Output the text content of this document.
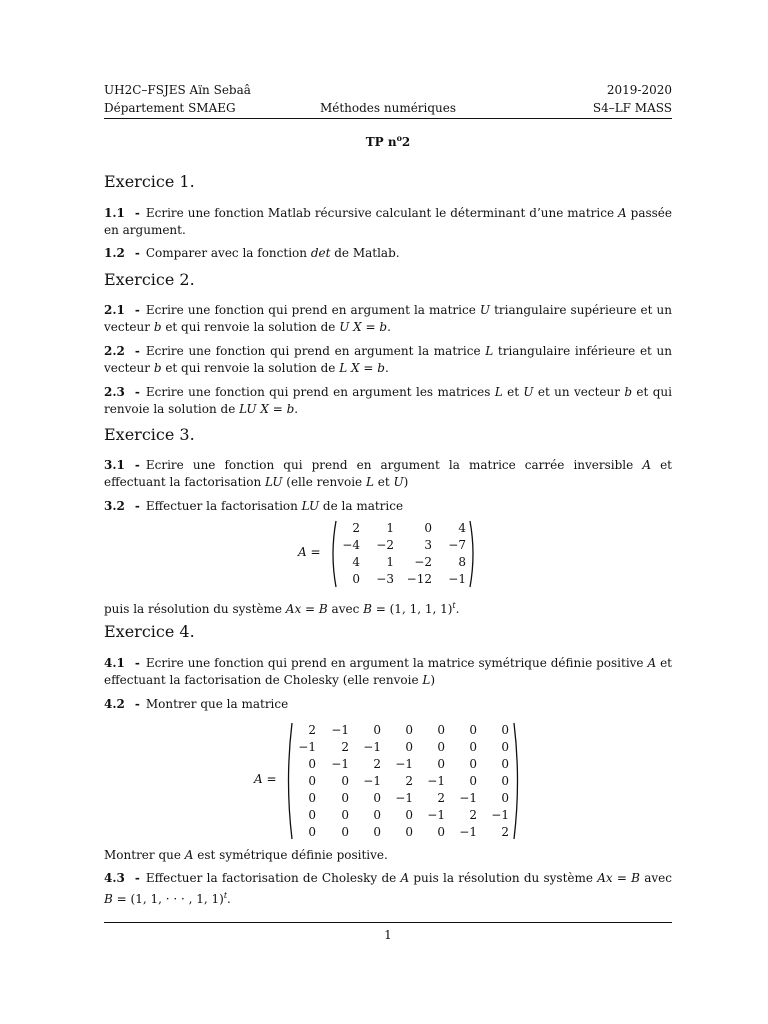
UH2C–FSJES Aïn Sebaâ	2019-2020
Département SMAEG	Méthodes numériques	S4–LF MASS
TP $n^o2$
Exercice 1.
1.1 - Ecrire une fonction Matlab récursive calculant le déterminant d’une matrice A passée en argument.
1.2 - Comparer avec la fonction det de Matlab.
Exercice 2.
2.1 - Ecrire une fonction qui prend en argument la matrice U triangulaire supérieure et un vecteur b et qui renvoie la solution de U X = b.
2.2 - Ecrire une fonction qui prend en argument la matrice L triangulaire inférieure et un vecteur b et qui renvoie la solution de L X = b.
2.3 - Ecrire une fonction qui prend en argument les matrices L et U et un vecteur b et qui renvoie la solution de LU X = b.
Exercice 3.
3.1 - Ecrire une fonction qui prend en argument la matrice carrée inversible A et effectuant la factorisation LU (elle renvoie L et U)
3.2 - Effectuer la factorisation LU de la matrice
A =
2	1	0	4
−4	−2	3	−7
4	1	−2	8
0	−3	−12	−1
puis la résolution du système Ax = B avec B = (1, 1, 1, 1)$^t$.
Exercice 4.
4.1 - Ecrire une fonction qui prend en argument la matrice symétrique définie positive A et effectuant la factorisation de Cholesky (elle renvoie L)
4.2 - Montrer que la matrice
A =
2	−1	0	0	0	0	0
−1	2	−1	0	0	0	0
0	−1	2	−1	0	0	0
0	0	−1	2	−1	0	0
0	0	0	−1	2	−1	0
0	0	0	0	−1	2	−1
0	0	0	0	0	−1	2
Montrer que A est symétrique définie positive.
4.3 - Effectuer la factorisation de Cholesky de A puis la résolution du système Ax = B avec B = (1, 1, · · · , 1, 1)$^t$.
1
